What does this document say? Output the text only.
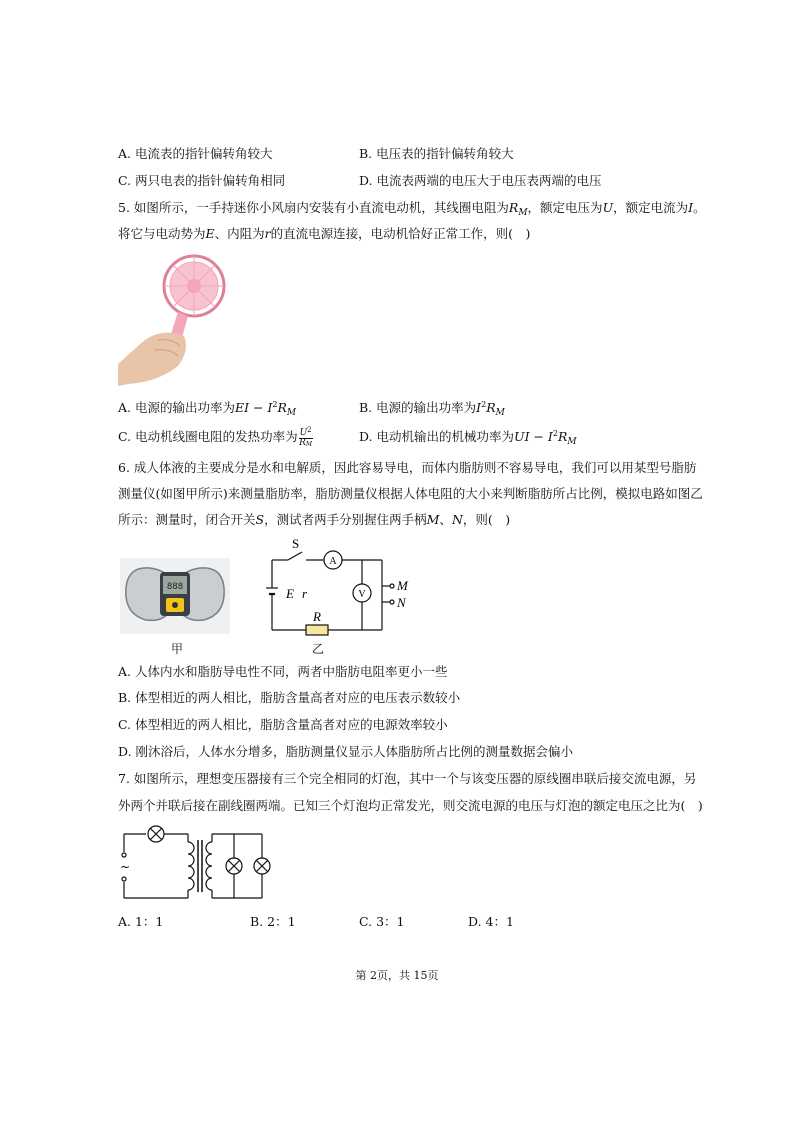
A. 电流表的指针偏转角较大	B. 电压表的指针偏转角较大
C. 两只电表的指针偏转角相同	D. 电流表两端的电压大于电压表两端的电压
5. 如图所示，一手持迷你小风扇内安装有小直流电动机，其线圈电阻为$R_M$，额定电压为U，额定电流为I。
将它与电动势为E、内阻为r的直流电源连接，电动机恰好正常工作，则(　)
A. 电源的输出功率为EI − $I^2R_M$	B. 电源的输出功率为$I^2R_M$
C. 电动机线圈电阻的发热功率为 $\frac{U^2}{RM}$	D. 电动机输出的机械功率为UI − $I^2R_M$
6. 成人体液的主要成分是水和电解质，因此容易导电，而体内脂肪则不容易导电，我们可以用某型号脂肪
测量仪(如图甲所示)来测量脂肪率，脂肪测量仪根据人体电阻的大小来判断脂肪所占比例，模拟电路如图乙
所示：测量时，闭合开关S，测试者两手分别握住两手柄M、N，则(　)
888
甲
S
A
V
E r
R
M
N
乙
A. 人体内水和脂肪导电性不同，两者中脂肪电阻率更小一些
B. 体型相近的两人相比，脂肪含量高者对应的电压表示数较小
C. 体型相近的两人相比，脂肪含量高者对应的电源效率较小
D. 刚沐浴后，人体水分增多，脂肪测量仪显示人体脂肪所占比例的测量数据会偏小
7. 如图所示，理想变压器接有三个完全相同的灯泡，其中一个与该变压器的原线圈串联后接交流电源，另
外两个并联后接在副线圈两端。已知三个灯泡均正常发光，则交流电源的电压与灯泡的额定电压之比为(　)
~
A. 1：1	B. 2：1	C. 3：1	D. 4：1
第 2页，共 15页
